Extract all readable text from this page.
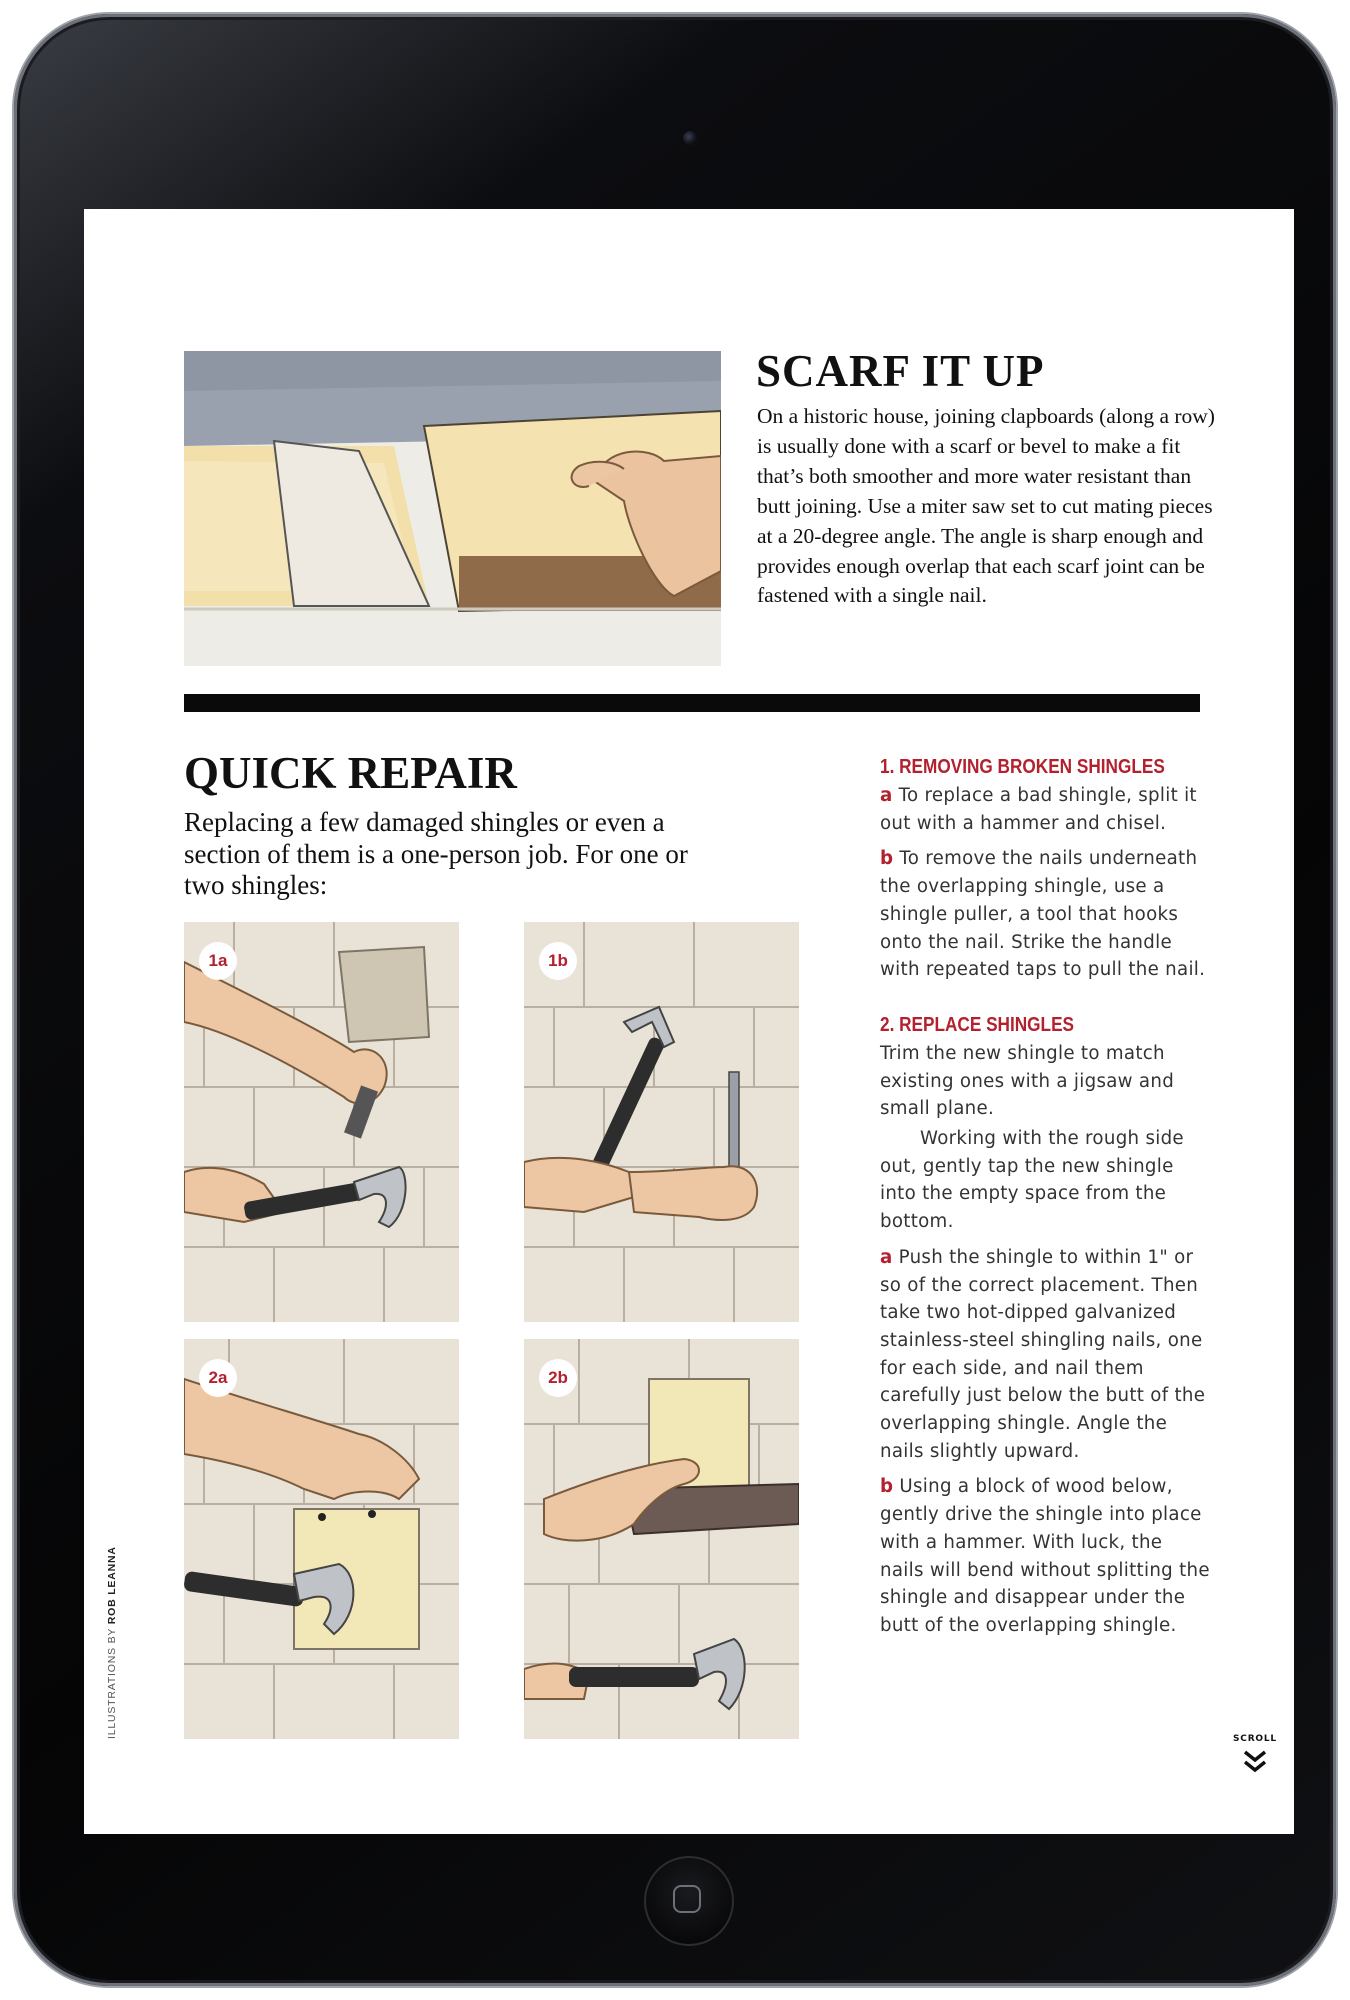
SCARF IT UP

On a historic house, joining clapboards (along a row) is usually done with a scarf or bevel to make a fit that’s both smoother and more water resistant than butt joining. Use a miter saw set to cut mating pieces at a 20-degree angle. The angle is sharp enough and provides enough overlap that each scarf joint can be fastened with a single nail.

QUICK REPAIR

Replacing a few damaged shingles or even a section of them is a one-person job. For one or two shingles:

1a	1b
2a	2b
1. REMOVING BROKEN SHINGLES

a To replace a bad shingle, split it out with a hammer and chisel.

b To remove the nails underneath the overlapping shingle, use a shingle puller, a tool that hooks onto the nail. Strike the handle with repeated taps to pull the nail.

2. REPLACE SHINGLES

Trim the new shingle to match existing ones with a jigsaw and small plane.

Working with the rough side out, gently tap the new shingle into the empty space from the bottom.

a Push the shingle to within 1" or so of the correct placement. Then take two hot-dipped galvanized stainless-steel shingling nails, one for each side, and nail them carefully just below the butt of the overlapping shingle. Angle the nails slightly upward.

b Using a block of wood below, gently drive the shingle into place with a hammer. With luck, the nails will bend without splitting the shingle and disappear under the butt of the overlapping shingle.

ILLUSTRATIONS BY ROB LEANNA
SCROLL
